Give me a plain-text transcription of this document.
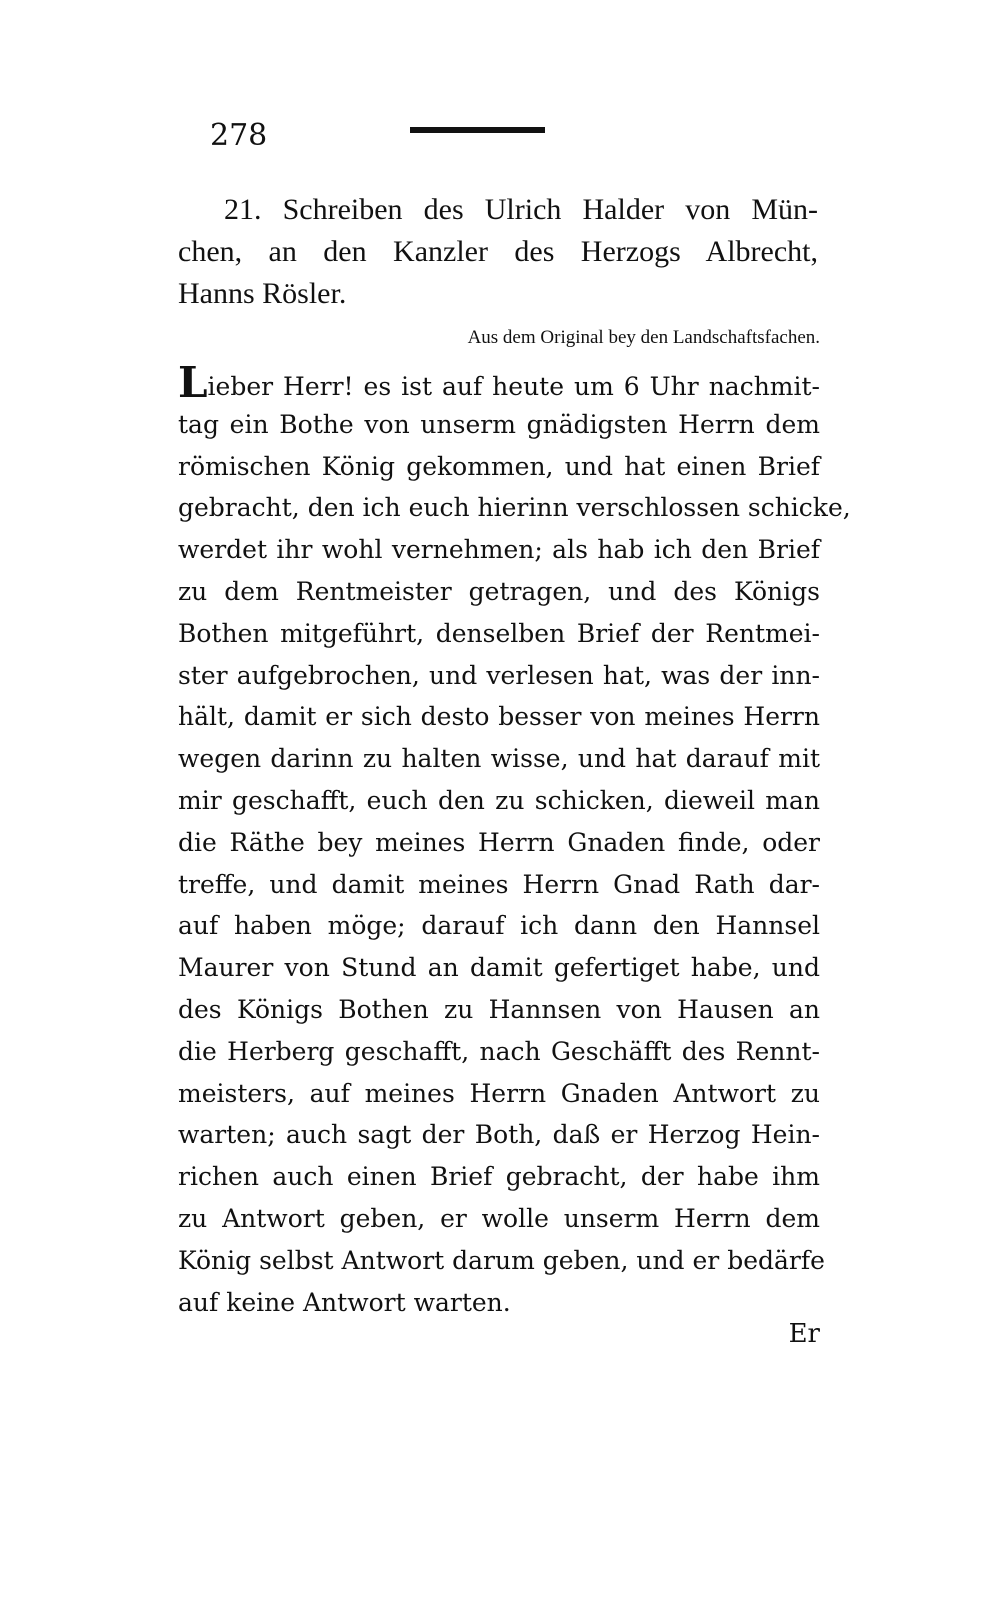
278
21. Schreiben des Ulrich Halder von Mün-
chen, an den Kanzler des Herzogs Albrecht,
Hanns Rösler.
Aus dem Original bey den Landschaftsfachen.
Lieber Herr! es ist auf heute um 6 Uhr nachmit-
tag ein Bothe von unserm gnädigsten Herrn dem
römischen König gekommen, und hat einen Brief
gebracht, den ich euch hierinn verschlossen schicke,
werdet ihr wohl vernehmen; als hab ich den Brief
zu dem Rentmeister getragen, und des Königs
Bothen mitgeführt, denselben Brief der Rentmei-
ster aufgebrochen, und verlesen hat, was der inn-
hält, damit er sich desto besser von meines Herrn
wegen darinn zu halten wisse, und hat darauf mit
mir geschafft, euch den zu schicken, dieweil man
die Räthe bey meines Herrn Gnaden finde, oder
treffe, und damit meines Herrn Gnad Rath dar-
auf haben möge; darauf ich dann den Hannsel
Maurer von Stund an damit gefertiget habe, und
des Königs Bothen zu Hannsen von Hausen an
die Herberg geschafft, nach Geschäfft des Rennt-
meisters, auf meines Herrn Gnaden Antwort zu
warten; auch sagt der Both, daß er Herzog Hein-
richen auch einen Brief gebracht, der habe ihm
zu Antwort geben, er wolle unserm Herrn dem
König selbst Antwort darum geben, und er bedärfe
auf keine Antwort warten.
Er
